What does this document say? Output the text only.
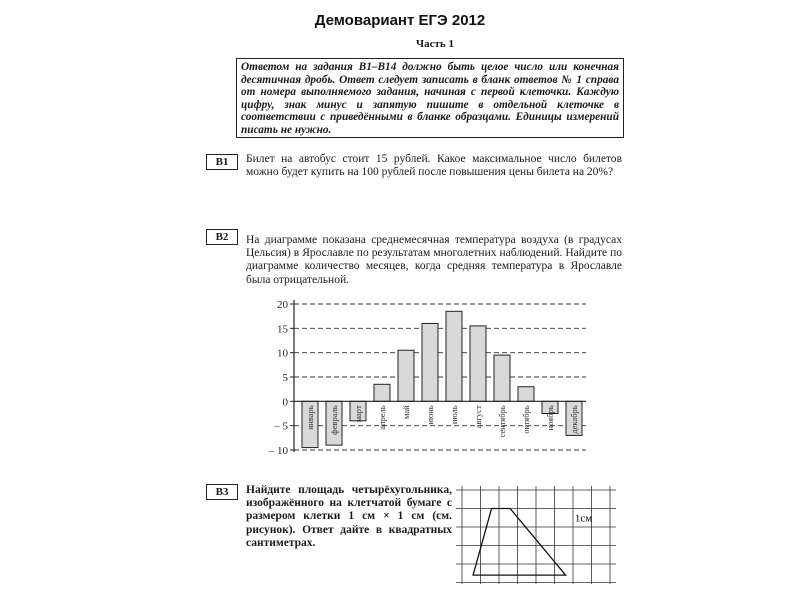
Демовариант ЕГЭ 2012
Часть 1
Ответом на задания В1–В14 должно быть целое число или конечная десятичная дробь. Ответ следует записать в бланк ответов № 1 справа от номера выполняемого задания, начиная с первой клеточки. Каждую цифру, знак минус и запятую пишите в отдельной клеточке в соответствии с приведёнными в бланке образцами. Единицы измерений писать не нужно.
B1	Билет на автобус стоит 15 рублей. Какое максимальное число билетов можно будет купить на 100 рублей после повышения цены билета на 20%?
B2	На диаграмме показана среднемесячная температура воздуха (в градусах Цельсия) в Ярославле по результатам многолетних наблюдений. Найдите по диаграмме количество месяцев, когда средняя температура в Ярославле была отрицательной.
20
15
10
5
0
– 5
– 10
январь февраль март апрель май июнь июль август сентябрь октябрь ноябрь декабрь
B3	Найдите площадь четырёхугольника, изображённого на клетчатой бумаге с размером клетки 1 см × 1 см (см. рисунок). Ответ дайте в квадратных сантиметрах.
1см
